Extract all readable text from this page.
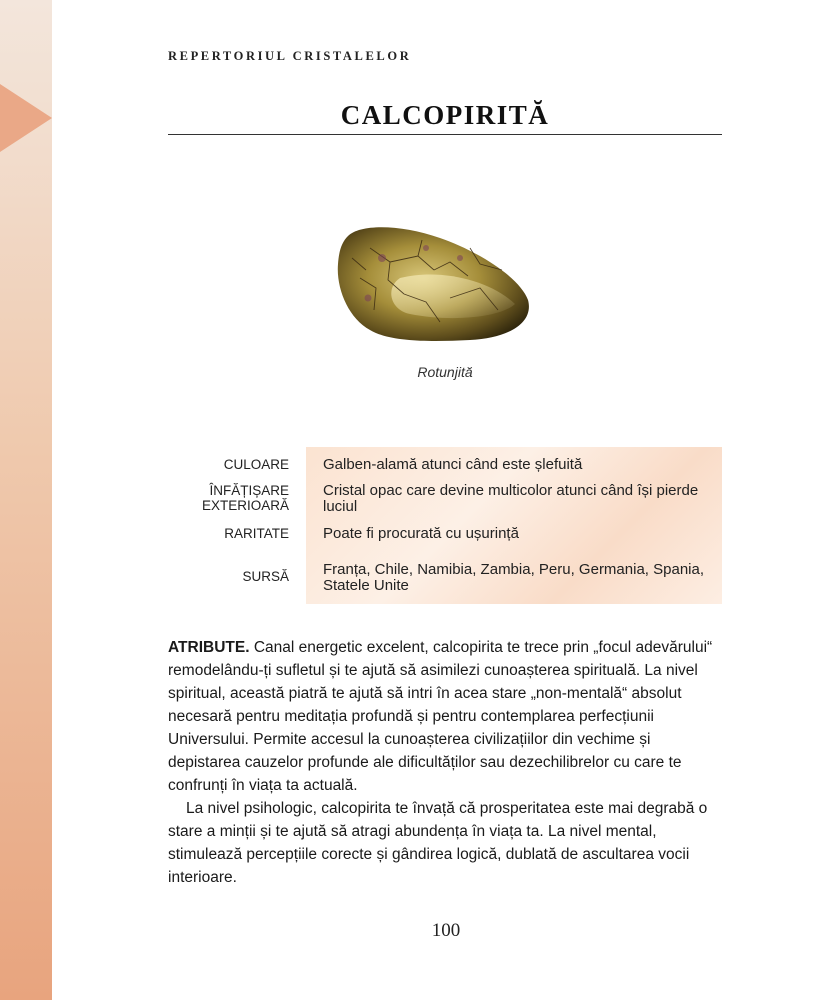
REPERTORIUL CRISTALELOR
CALCOPIRITĂ
Rotunjită
CULOARE Galben-alamă atunci când este șlefuită
ÎNFĂȚIȘARE EXTERIOARĂ
Cristal opac care devine multicolor atunci când își pierde luciul
RARITATE Poate fi procurată cu ușurință
SURSĂ Franța, Chile, Namibia, Zambia, Peru, Germania, Spania, Statele Unite

ATRIBUTE. Canal energetic excelent, calcopirita te trece prin „focul adevărului“ remodelându-ți sufletul și te ajută să asimilezi cunoașterea spirituală. La nivel spiritual, această piatră te ajută să intri în acea stare „non-mentală“ absolut necesară pentru meditația profundă și pentru contemplarea perfecțiunii Universului. Permite accesul la cunoașterea civilizațiilor din vechime și depistarea cauzelor profunde ale dificultăților sau dezechilibrelor cu care te confrunți în viața ta actuală.

La nivel psihologic, calcopirita te învață că prosperitatea este mai degrabă o stare a minții și te ajută să atragi abundența în viața ta. La nivel mental, stimulează percepțiile corecte și gândirea logică, dublată de ascultarea vocii interioare.

100
